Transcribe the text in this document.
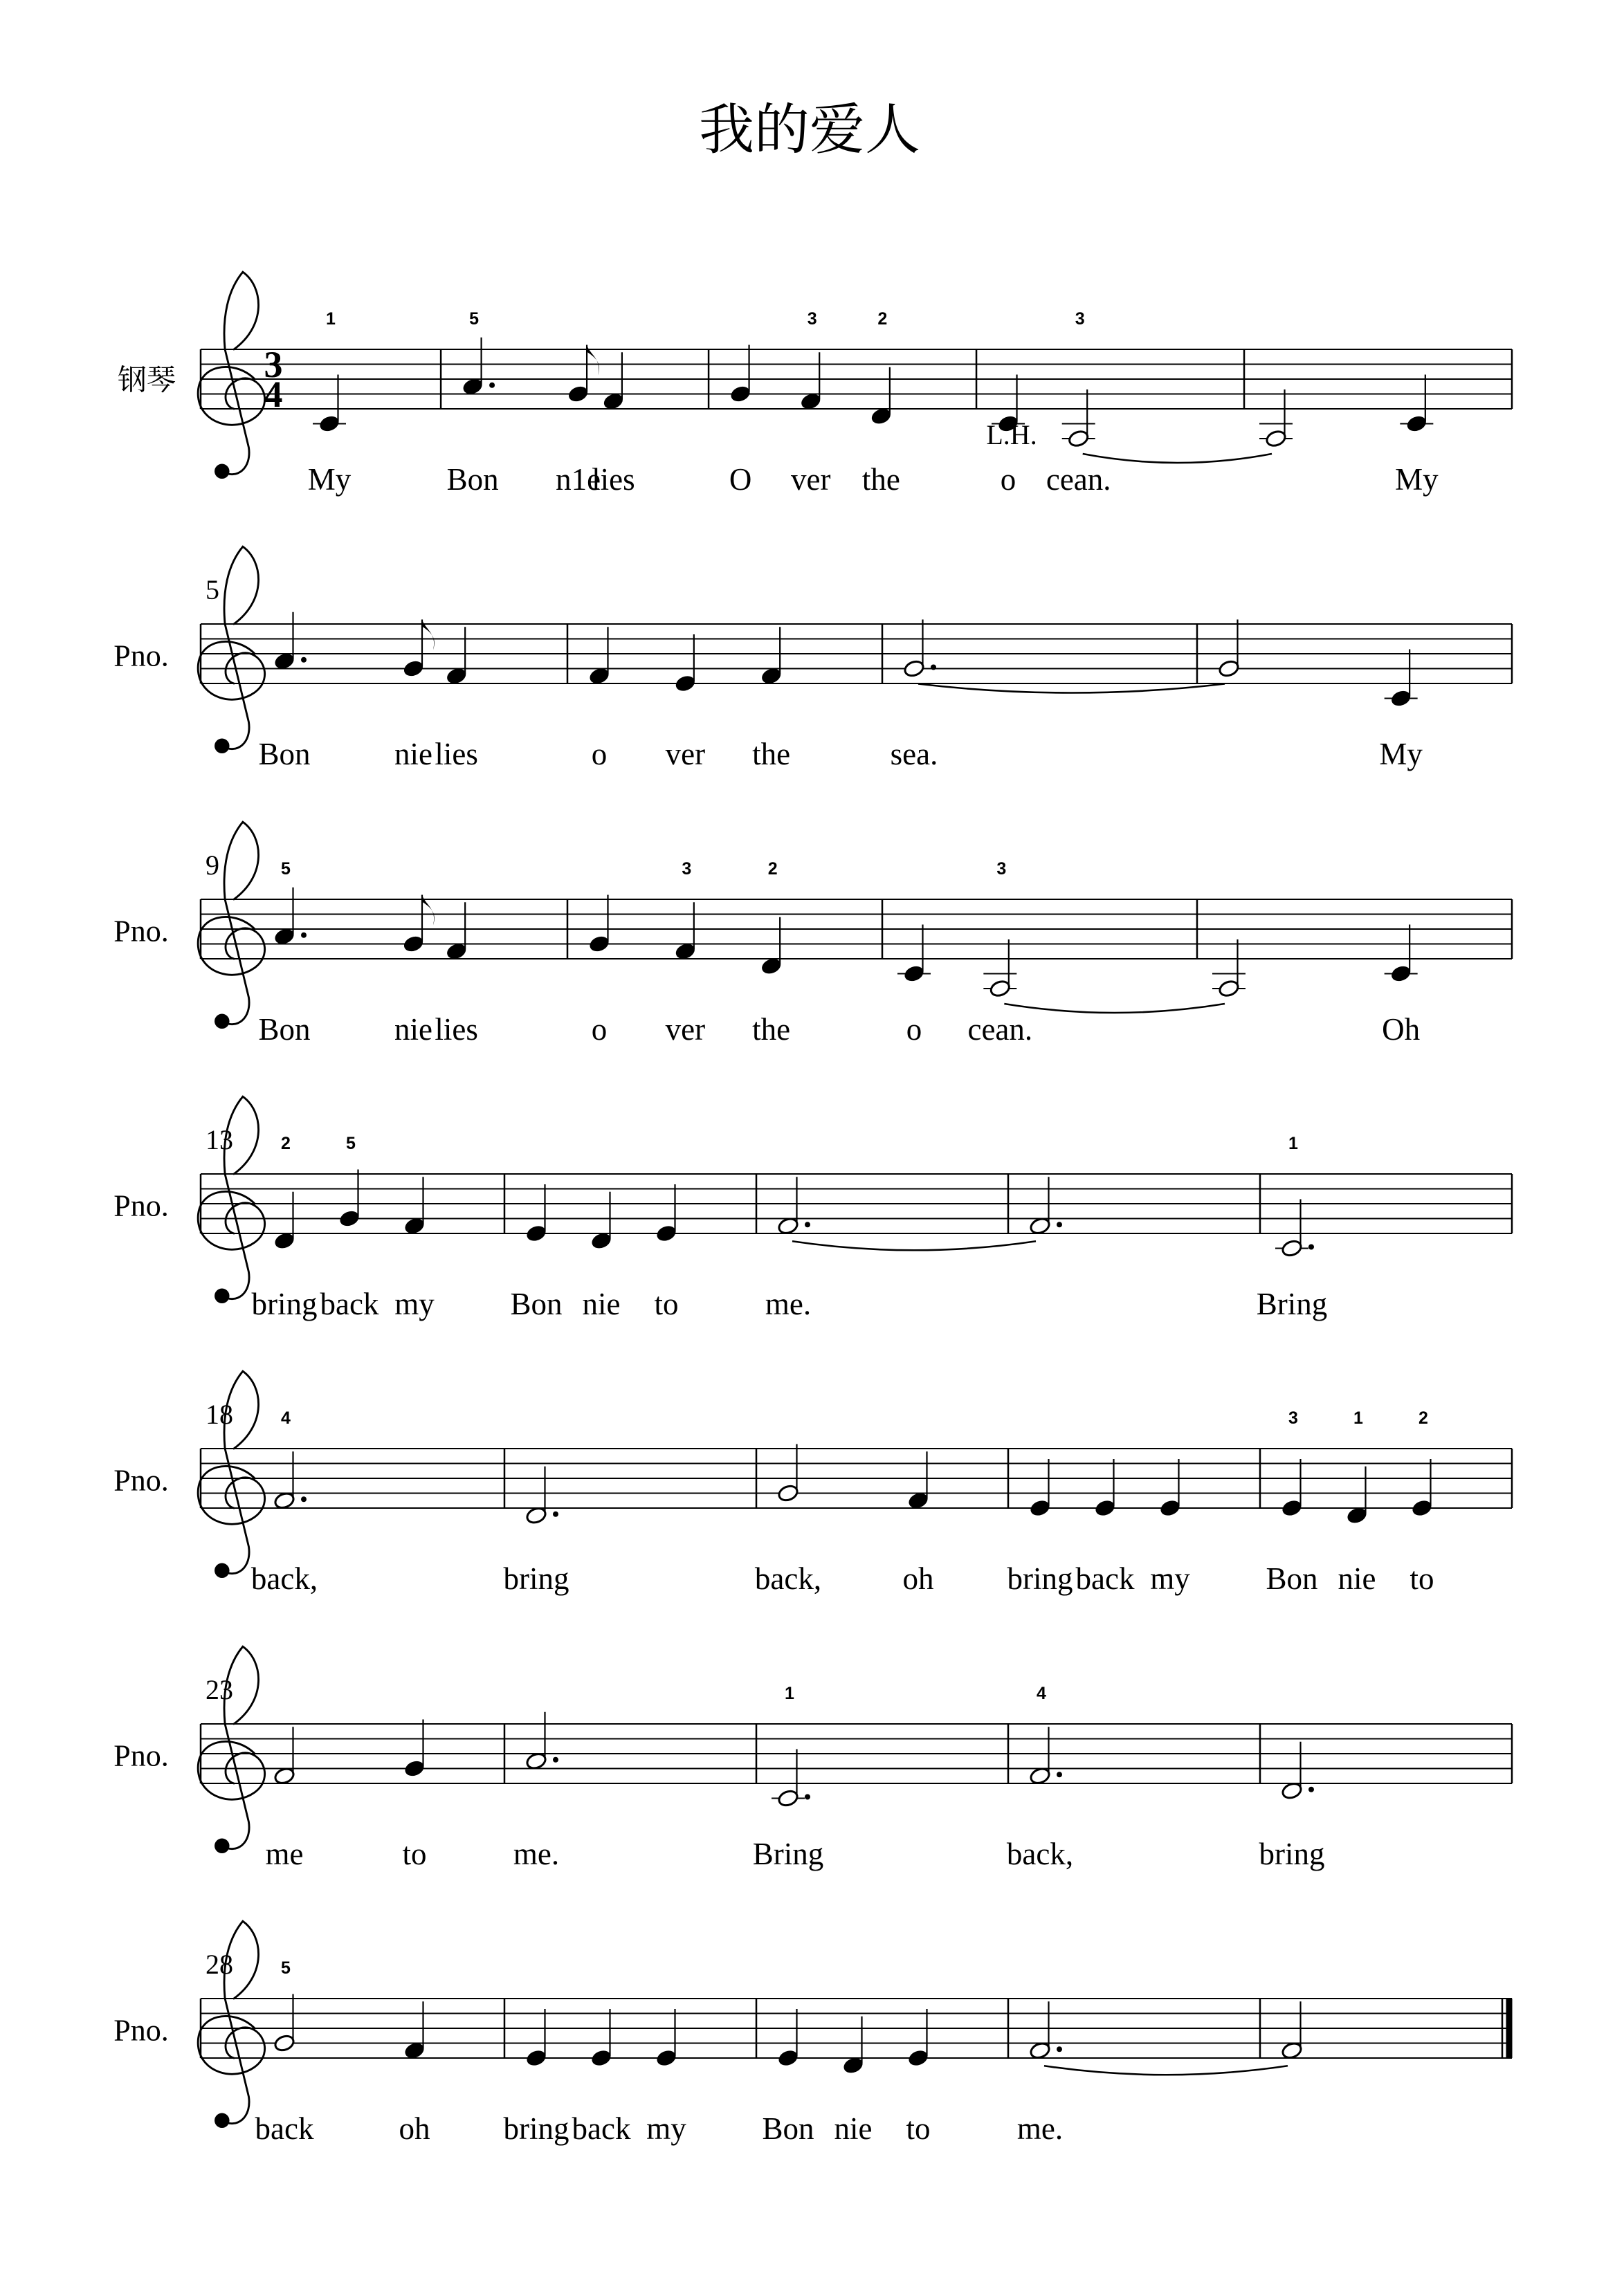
我的爱人
钢琴 3
4
1
My
5
Bon n1e
lies	O
3
ver
2
the	o
3
cean.
L.H.
My
Pno.
5
Bon	nie lies	o ver the	sea.	My
Pno.
9	5
Bon	nie lies	o
3
ver
2
the	o
3
cean.	Oh
Pno.
13	2
bring
5
back my Bon nie to	me.
1
Bring
Pno.
18	4
back,	bring	back,	oh bring back my
3
Bon
1
nie
2
to
Pno.
23
me	to	me.
1
Bring
4
back,	bring
Pno.
28	5
back	oh bring back my Bon nie to	me.
